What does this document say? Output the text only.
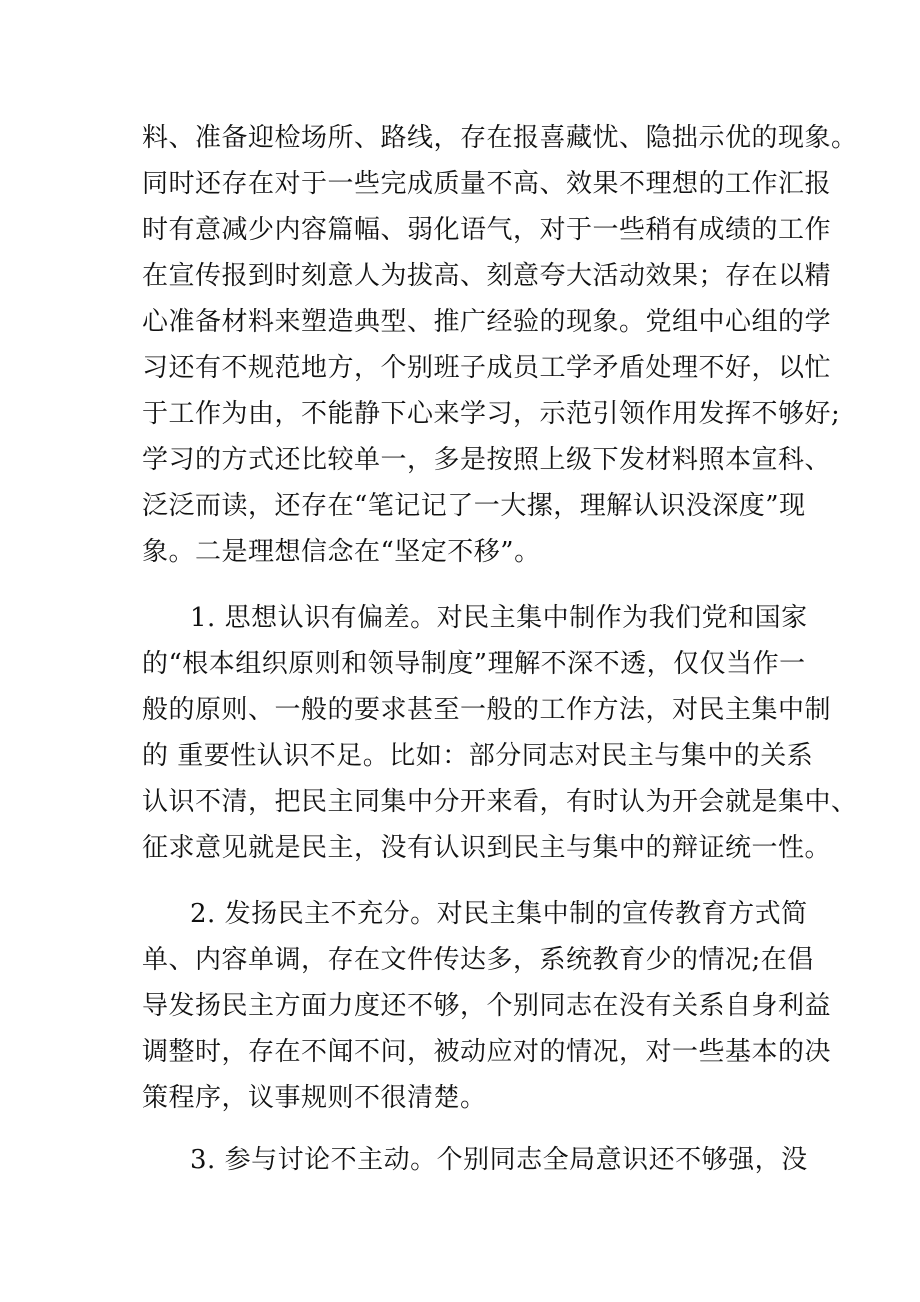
料、准备迎检场所、路线，存在报喜藏忧、隐拙示优的现象。
同时还存在对于一些完成质量不高、效果不理想的工作汇报
时有意减少内容篇幅、弱化语气，对于一些稍有成绩的工作
在宣传报到时刻意人为拔高、刻意夸大活动效果；存在以精
心准备材料来塑造典型、推广经验的现象。党组中心组的学
习还有不规范地方，个别班子成员工学矛盾处理不好，以忙
于工作为由，不能静下心来学习，示范引领作用发挥不够好;
学习的方式还比较单一，多是按照上级下发材料照本宣科、
泛泛而读，还存在“笔记记了一大摞，理解认识没深度”现
象。二是理想信念在“坚定不移”。
1. 思想认识有偏差。对民主集中制作为我们党和国家
的“根本组织原则和领导制度”理解不深不透，仅仅当作一
般的原则、一般的要求甚至一般的工作方法，对民主集中制
的 重要性认识不足。比如：部分同志对民主与集中的关系
认识不清，把民主同集中分开来看，有时认为开会就是集中、
征求意见就是民主，没有认识到民主与集中的辩证统一性。
2. 发扬民主不充分。对民主集中制的宣传教育方式简
单、内容单调，存在文件传达多，系统教育少的情况;在倡
导发扬民主方面力度还不够，个别同志在没有关系自身利益
调整时，存在不闻不问，被动应对的情况，对一些基本的决
策程序，议事规则不很清楚。
3. 参与讨论不主动。个别同志全局意识还不够强，没
